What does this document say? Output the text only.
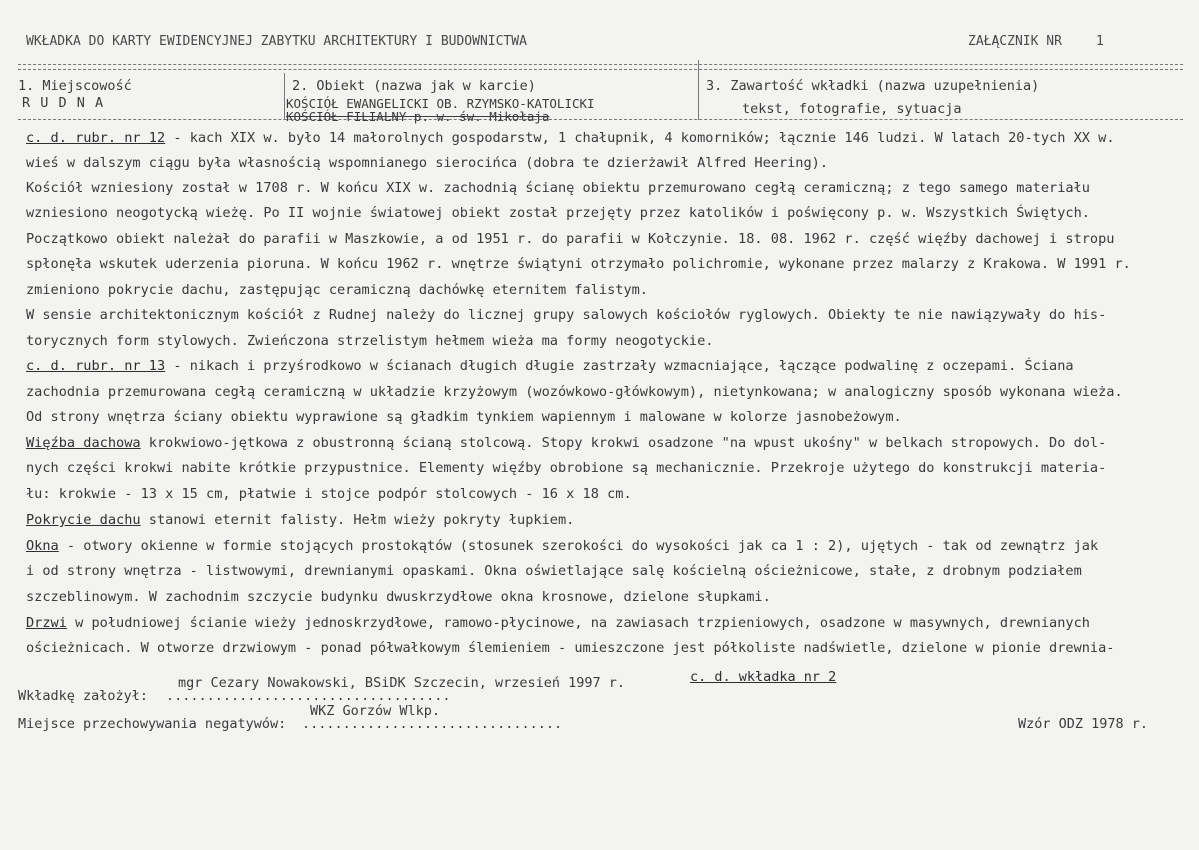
WKŁADKA DO KARTY EWIDENCYJNEJ ZABYTKU ARCHITEKTURY I BUDOWNICTWA	ZAŁĄCZNIK NR	1
1. Miejscowość
R U D N A
2. Obiekt (nazwa jak w karcie)
KOŚCIÓŁ EWANGELICKI OB. RZYMSKO-KATOLICKI
KOŚCIÓŁ FILIALNY p. w. św. Mikołaja
3. Zawartość wkładki (nazwa uzupełnienia)
tekst, fotografie, sytuacja
c. d. rubr. nr 12 - kach XIX w. było 14 małorolnych gospodarstw, 1 chałupnik, 4 komorników; łącznie 146 ludzi. W latach 20-tych XX w.
wieś w dalszym ciągu była własnością wspomnianego sierocińca (dobra te dzierżawił Alfred Heering).
Kościół wzniesiony został w 1708 r. W końcu XIX w. zachodnią ścianę obiektu przemurowano cegłą ceramiczną; z tego samego materiału
wzniesiono neogotycką wieżę. Po II wojnie światowej obiekt został przejęty przez katolików i poświęcony p. w. Wszystkich Świętych.
Początkowo obiekt należał do parafii w Maszkowie, a od 1951 r. do parafii w Kołczynie. 18. 08. 1962 r. część więźby dachowej i stropu
spłonęła wskutek uderzenia pioruna. W końcu 1962 r. wnętrze świątyni otrzymało polichromie, wykonane przez malarzy z Krakowa. W 1991 r.
zmieniono pokrycie dachu, zastępując ceramiczną dachówkę eternitem falistym.
W sensie architektonicznym kościół z Rudnej należy do licznej grupy salowych kościołów ryglowych. Obiekty te nie nawiązywały do his-
torycznych form stylowych. Zwieńczona strzelistym hełmem wieża ma formy neogotyckie.
c. d. rubr. nr 13 - nikach i przyśrodkowo w ścianach długich długie zastrzały wzmacniające, łączące podwalinę z oczepami. Ściana
zachodnia przemurowana cegłą ceramiczną w układzie krzyżowym (wozówkowo-główkowym), nietynkowana; w analogiczny sposób wykonana wieża.
Od strony wnętrza ściany obiektu wyprawione są gładkim tynkiem wapiennym i malowane w kolorze jasnobeżowym.
Więźba dachowa krokwiowo-jętkowa z obustronną ścianą stolcową. Stopy krokwi osadzone "na wpust ukośny" w belkach stropowych. Do dol-
nych części krokwi nabite krótkie przypustnice. Elementy więźby obrobione są mechanicznie. Przekroje użytego do konstrukcji materia-
łu: krokwie - 13 x 15 cm, płatwie i stojce podpór stolcowych - 16 x 18 cm.
Pokrycie dachu stanowi eternit falisty. Hełm wieży pokryty łupkiem.
Okna - otwory okienne w formie stojących prostokątów (stosunek szerokości do wysokości jak ca 1 : 2), ujętych - tak od zewnątrz jak
i od strony wnętrza - listwowymi, drewnianymi opaskami. Okna oświetlające salę kościelną ościeżnicowe, stałe, z drobnym podziałem
szczeblinowym. W zachodnim szczycie budynku dwuskrzydłowe okna krosnowe, dzielone słupkami.
Drzwi w południowej ścianie wieży jednoskrzydłowe, ramowo-płycinowe, na zawiasach trzpieniowych, osadzone w masywnych, drewnianych
ościeżnicach. W otworze drzwiowym - ponad półwałkowym ślemieniem - umieszczone jest półkoliste nadświetle, dzielone w pionie drewnia-
mgr Cezary Nowakowski, BSiDK Szczecin, wrzesień 1997 r.	c. d. wkładka nr 2
Wkładkę założył: ...................................
WKZ Gorzów Wlkp.
Miejsce przechowywania negatywów: ................................	Wzór ODZ 1978 r.
